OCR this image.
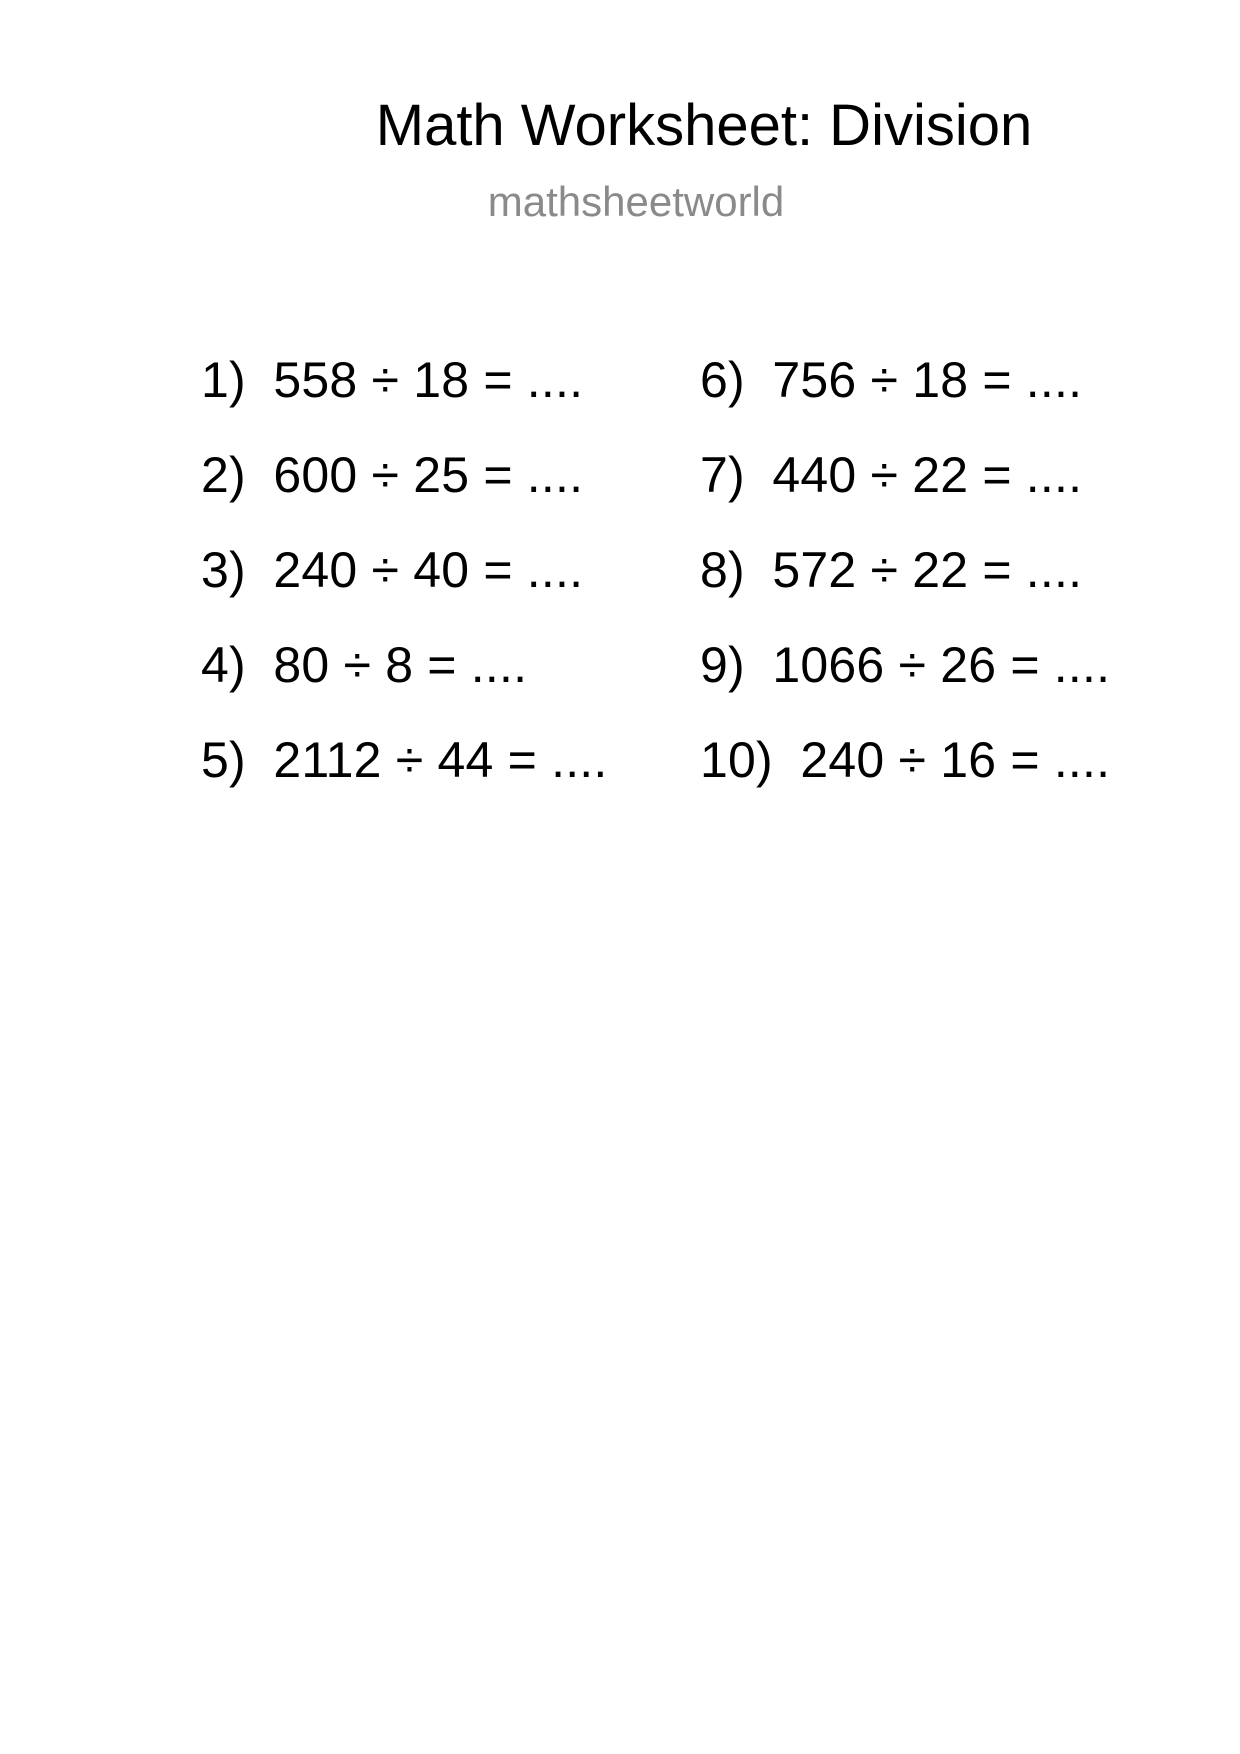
Math Worksheet: Division
mathsheetworld
1) 558 ÷ 18 = ....
2) 600 ÷ 25 = ....
3) 240 ÷ 40 = ....
4) 80 ÷ 8 = ....
5) 2112 ÷ 44 = ....
6) 756 ÷ 18 = ....
7) 440 ÷ 22 = ....
8) 572 ÷ 22 = ....
9) 1066 ÷ 26 = ....
10) 240 ÷ 16 = ....
